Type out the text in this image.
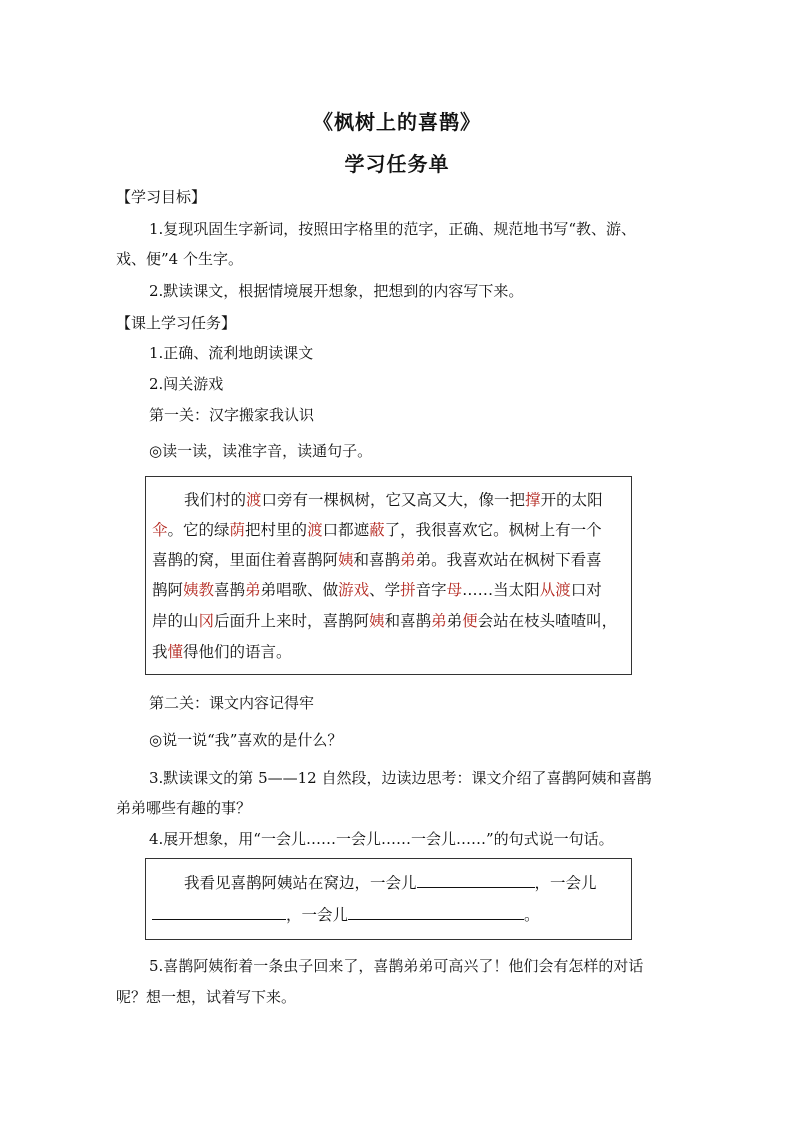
《枫树上的喜鹊》
学习任务单
【学习目标】
1.复现巩固生字新词，按照田字格里的范字，正确、规范地书写“教、游、
戏、便”4 个生字。
2.默读课文，根据情境展开想象，把想到的内容写下来。
【课上学习任务】
1.正确、流利地朗读课文
2.闯关游戏
第一关：汉字搬家我认识
◎读一读，读准字音，读通句子。
我们村的渡口旁有一棵枫树，它又高又大，像一把撑开的太阳
伞。它的绿荫把村里的渡口都遮蔽了，我很喜欢它。枫树上有一个
喜鹊的窝，里面住着喜鹊阿姨和喜鹊弟弟。我喜欢站在枫树下看喜
鹊阿姨教喜鹊弟弟唱歌、做游戏、学拼音字母……当太阳从渡口对
岸的山冈后面升上来时，喜鹊阿姨和喜鹊弟弟便会站在枝头喳喳叫，
我懂得他们的语言。
第二关：课文内容记得牢
◎说一说“我”喜欢的是什么？
3.默读课文的第 5——12 自然段，边读边思考：课文介绍了喜鹊阿姨和喜鹊
弟弟哪些有趣的事？
4.展开想象，用“一会儿……一会儿……一会儿……”的句式说一句话。
我看见喜鹊阿姨站在窝边，一会儿	，一会儿
，一会儿	。
5.喜鹊阿姨衔着一条虫子回来了，喜鹊弟弟可高兴了！他们会有怎样的对话
呢？想一想，试着写下来。
